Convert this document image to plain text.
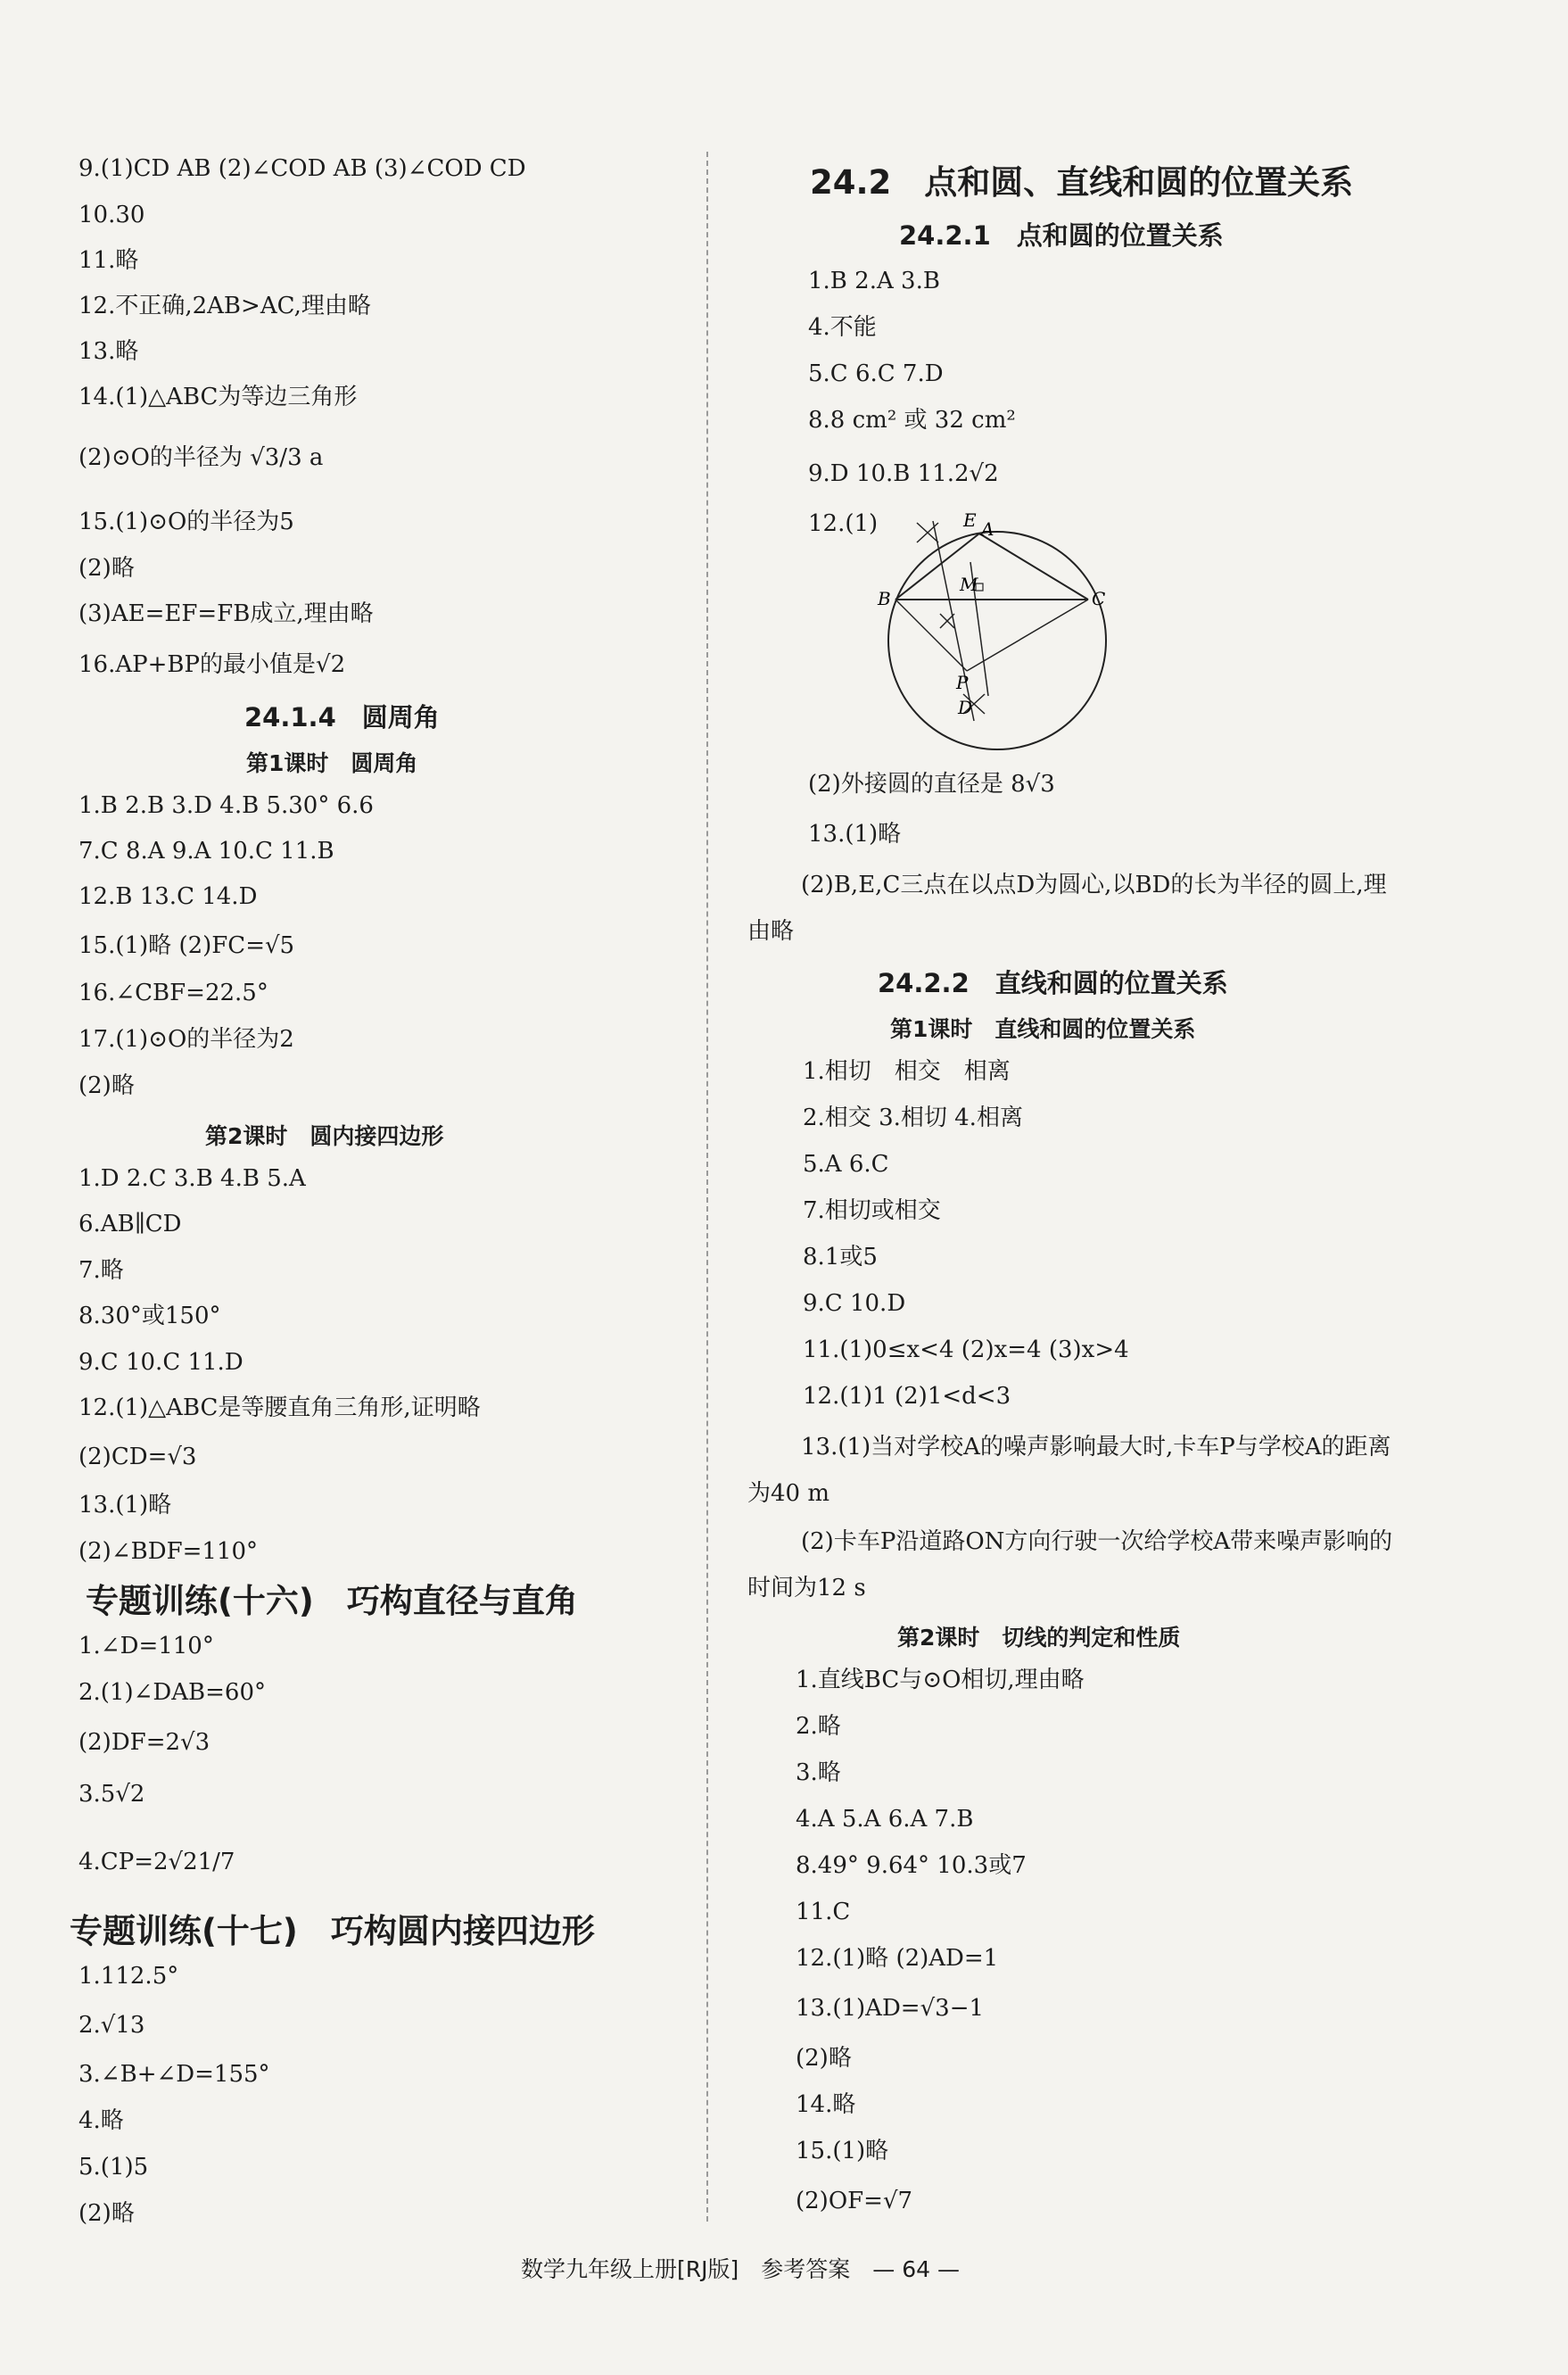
9.(1)CD AB (2)∠COD AB (3)∠COD CD
10.30
11.略
12.不正确,2AB>AC,理由略
13.略
14.(1)△ABC为等边三角形
(2)⊙O的半径为 √3/3 a
15.(1)⊙O的半径为5
(2)略
(3)AE=EF=FB成立,理由略
16.AP+BP的最小值是√2
24.1.4　圆周角
第1课时　圆周角
1.B 2.B 3.D 4.B 5.30° 6.6
7.C 8.A 9.A 10.C 11.B
12.B 13.C 14.D
15.(1)略 (2)FC=√5
16.∠CBF=22.5°
17.(1)⊙O的半径为2
(2)略
第2课时　圆内接四边形
1.D 2.C 3.B 4.B 5.A
6.AB∥CD
7.略
8.30°或150°
9.C 10.C 11.D
12.(1)△ABC是等腰直角三角形,证明略
(2)CD=√3
13.(1)略
(2)∠BDF=110°
专题训练(十六)　巧构直径与直角
1.∠D=110°
2.(1)∠DAB=60°
(2)DF=2√3
3.5√2
4.CP=2√21/7
专题训练(十七)　巧构圆内接四边形
1.112.5°
2.√13
3.∠B+∠D=155°
4.略
5.(1)5
(2)略
24.2　点和圆、直线和圆的位置关系
24.2.1　点和圆的位置关系
1.B 2.A 3.B
4.不能
5.C 6.C 7.D
8.8 cm² 或 32 cm²
9.D 10.B 11.2√2
12.(1)	E A
B	C
M
P
D
(2)外接圆的直径是 8√3
13.(1)略
(2)B,E,C三点在以点D为圆心,以BD的长为半径的圆上,理由略
24.2.2　直线和圆的位置关系
第1课时　直线和圆的位置关系
1.相切　相交　相离
2.相交 3.相切 4.相离
5.A 6.C
7.相切或相交
8.1或5
9.C 10.D
11.(1)0≤x<4 (2)x=4 (3)x>4
12.(1)1 (2)1<d<3
13.(1)当对学校A的噪声影响最大时,卡车P与学校A的距离为40 m
(2)卡车P沿道路ON方向行驶一次给学校A带来噪声影响的时间为12 s
第2课时　切线的判定和性质
1.直线BC与⊙O相切,理由略
2.略
3.略
4.A 5.A 6.A 7.B
8.49° 9.64° 10.3或7
11.C
12.(1)略 (2)AD=1
13.(1)AD=√3−1
(2)略
14.略
15.(1)略
(2)OF=√7
数学九年级上册[RJ版]　参考答案　— 64 —
